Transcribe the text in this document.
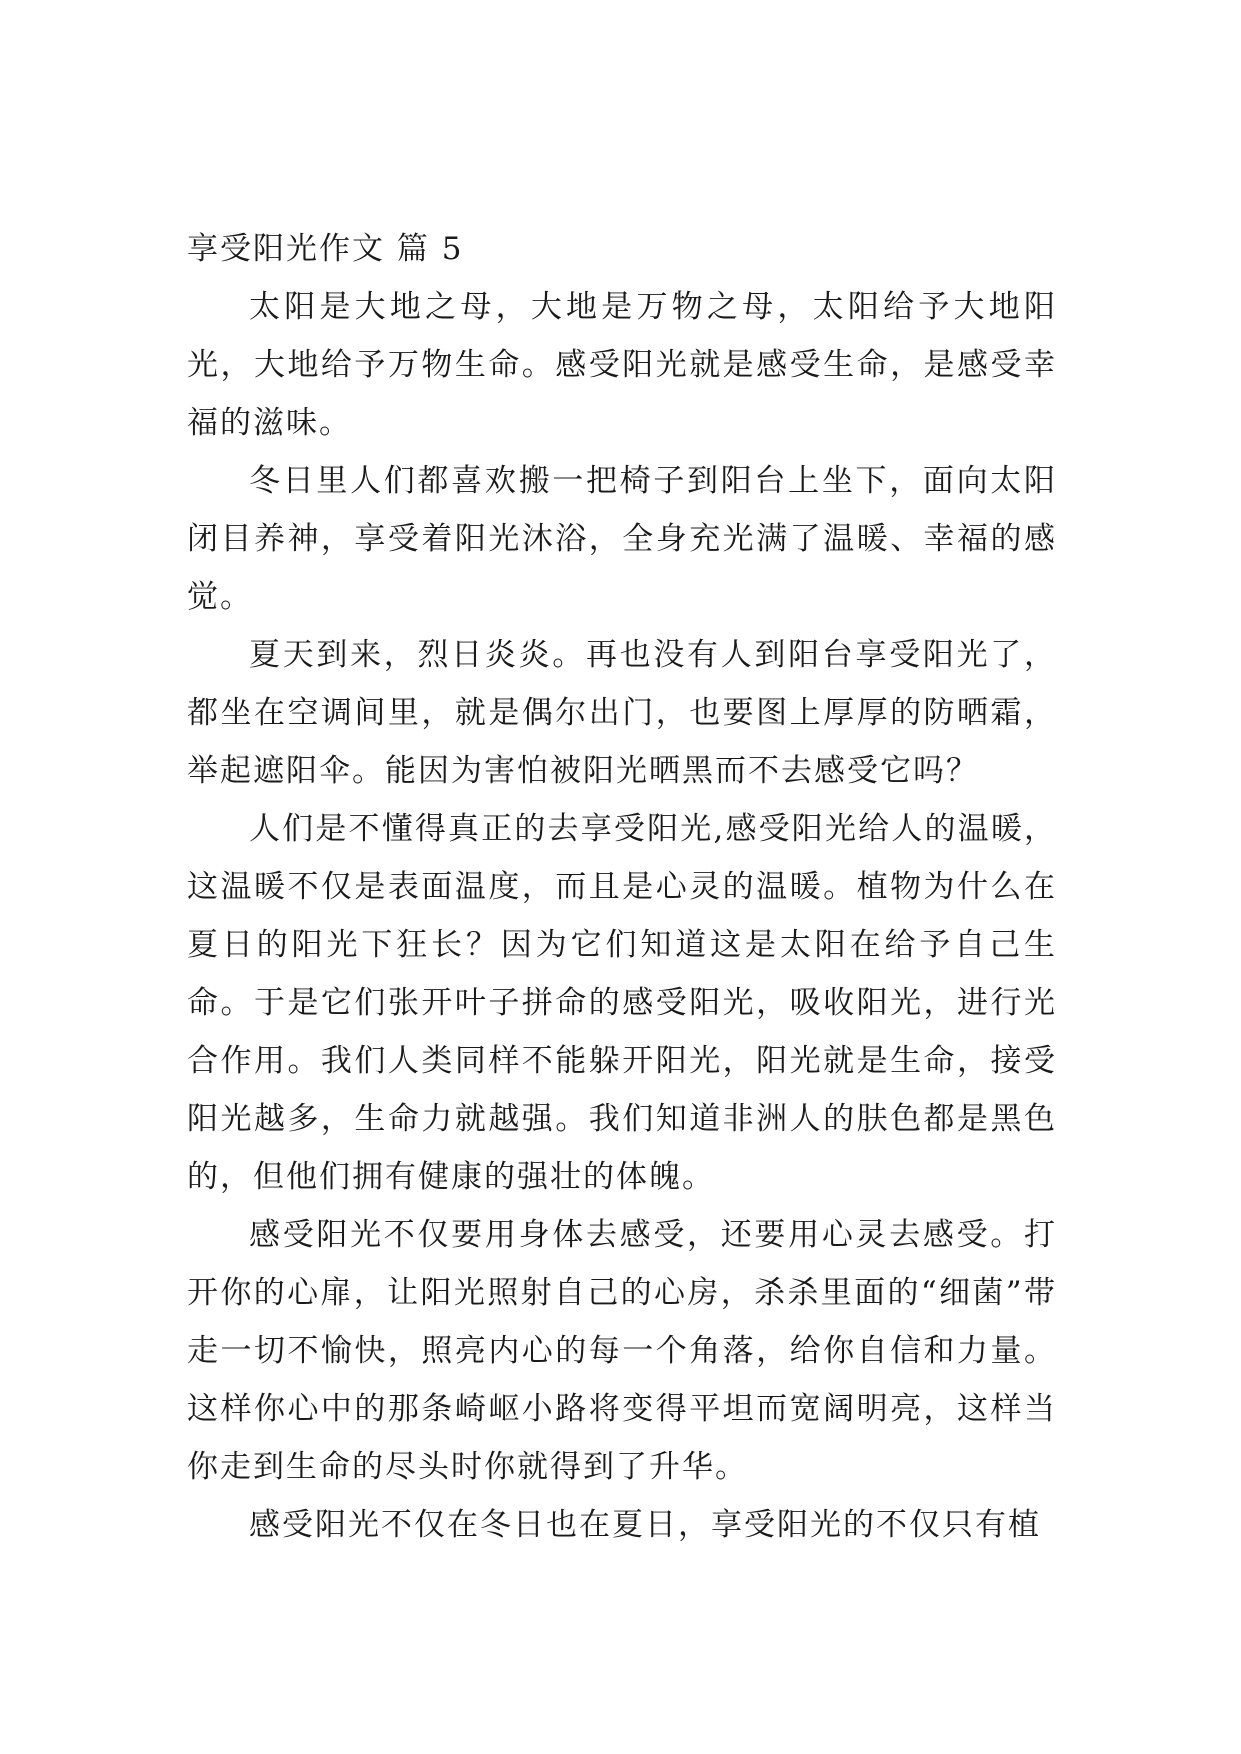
享受阳光作文 篇 5

太阳是大地之母，大地是万物之母，太阳给予大地阳光，大地给予万物生命。感受阳光就是感受生命，是感受幸福的滋味。

冬日里人们都喜欢搬一把椅子到阳台上坐下，面向太阳闭目养神，享受着阳光沐浴，全身充光满了温暖、幸福的感觉。

夏天到来，烈日炎炎。再也没有人到阳台享受阳光了，都坐在空调间里，就是偶尔出门，也要图上厚厚的防晒霜，举起遮阳伞。能因为害怕被阳光晒黑而不去感受它吗？

人们是不懂得真正的去享受阳光,感受阳光给人的温暖，这温暖不仅是表面温度，而且是心灵的温暖。植物为什么在夏日的阳光下狂长？因为它们知道这是太阳在给予自己生命。于是它们张开叶子拼命的感受阳光，吸收阳光，进行光合作用。我们人类同样不能躲开阳光，阳光就是生命，接受阳光越多，生命力就越强。我们知道非洲人的肤色都是黑色的，但他们拥有健康的强壮的体魄。

感受阳光不仅要用身体去感受，还要用心灵去感受。打开你的心扉，让阳光照射自己的心房，杀杀里面的“细菌”带走一切不愉快，照亮内心的每一个角落，给你自信和力量。这样你心中的那条崎岖小路将变得平坦而宽阔明亮，这样当你走到生命的尽头时你就得到了升华。

感受阳光不仅在冬日也在夏日，享受阳光的不仅只有植
